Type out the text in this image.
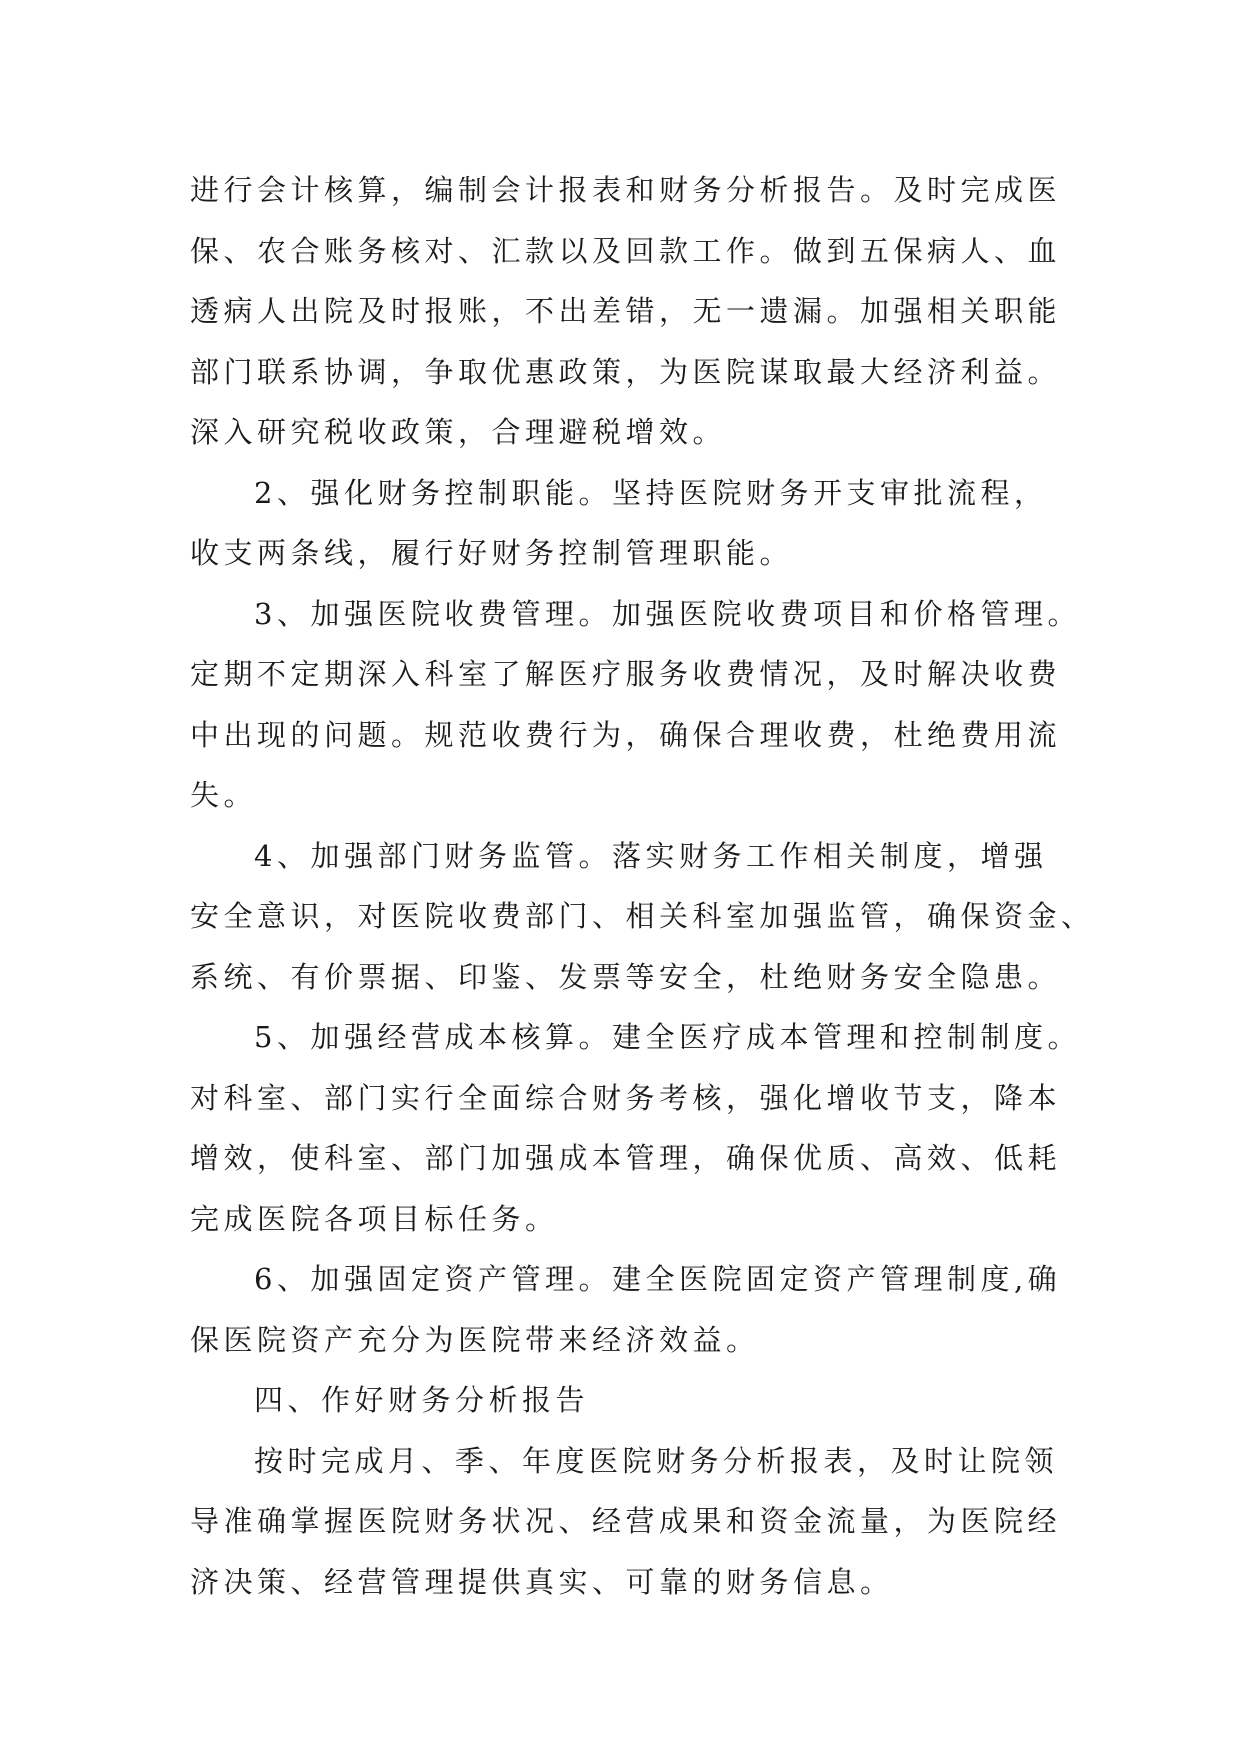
进行会计核算，编制会计报表和财务分析报告。及时完成医
保、农合账务核对、汇款以及回款工作。做到五保病人、血
透病人出院及时报账，不出差错，无一遗漏。加强相关职能
部门联系协调，争取优惠政策，为医院谋取最大经济利益。
深入研究税收政策，合理避税增效。
2、强化财务控制职能。坚持医院财务开支审批流程，
收支两条线，履行好财务控制管理职能。
3、加强医院收费管理。加强医院收费项目和价格管理。
定期不定期深入科室了解医疗服务收费情况，及时解决收费
中出现的问题。规范收费行为，确保合理收费，杜绝费用流
失。
4、加强部门财务监管。落实财务工作相关制度，增强
安全意识，对医院收费部门、相关科室加强监管，确保资金、
系统、有价票据、印鉴、发票等安全，杜绝财务安全隐患。
5、加强经营成本核算。建全医疗成本管理和控制制度。
对科室、部门实行全面综合财务考核，强化增收节支，降本
增效，使科室、部门加强成本管理，确保优质、高效、低耗
完成医院各项目标任务。
6、加强固定资产管理。建全医院固定资产管理制度,确
保医院资产充分为医院带来经济效益。
四、作好财务分析报告
按时完成月、季、年度医院财务分析报表，及时让院领
导准确掌握医院财务状况、经营成果和资金流量，为医院经
济决策、经营管理提供真实、可靠的财务信息。
